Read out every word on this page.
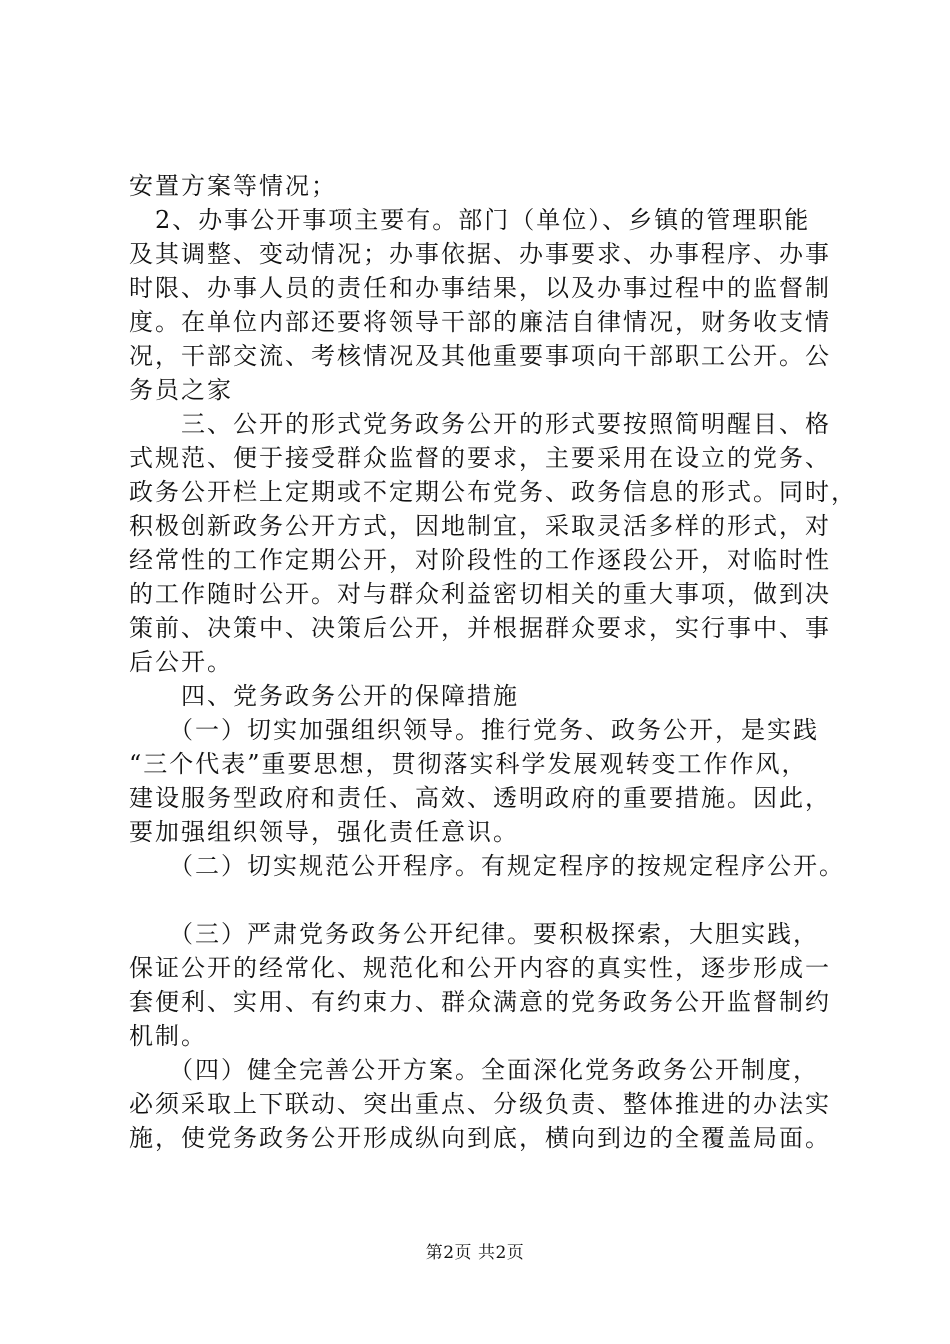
安置方案等情况；
　2、办事公开事项主要有。部门（单位）、乡镇的管理职能
及其调整、变动情况；办事依据、办事要求、办事程序、办事
时限、办事人员的责任和办事结果，以及办事过程中的监督制
度。在单位内部还要将领导干部的廉洁自律情况，财务收支情
况，干部交流、考核情况及其他重要事项向干部职工公开。公
务员之家
　　三、公开的形式党务政务公开的形式要按照简明醒目、格
式规范、便于接受群众监督的要求，主要采用在设立的党务、
政务公开栏上定期或不定期公布党务、政务信息的形式。同时，
积极创新政务公开方式，因地制宜，采取灵活多样的形式，对
经常性的工作定期公开，对阶段性的工作逐段公开，对临时性
的工作随时公开。对与群众利益密切相关的重大事项，做到决
策前、决策中、决策后公开，并根据群众要求，实行事中、事
后公开。
　　四、党务政务公开的保障措施
　　（一）切实加强组织领导。推行党务、政务公开，是实践
“三个代表”重要思想，贯彻落实科学发展观转变工作作风，
建设服务型政府和责任、高效、透明政府的重要措施。因此，
要加强组织领导，强化责任意识。
　　（二）切实规范公开程序。有规定程序的按规定程序公开。
　　（三）严肃党务政务公开纪律。要积极探索，大胆实践，
保证公开的经常化、规范化和公开内容的真实性，逐步形成一
套便利、实用、有约束力、群众满意的党务政务公开监督制约
机制。
　　（四）健全完善公开方案。全面深化党务政务公开制度，
必须采取上下联动、突出重点、分级负责、整体推进的办法实
施，使党务政务公开形成纵向到底，横向到边的全覆盖局面。
第2页 共2页
